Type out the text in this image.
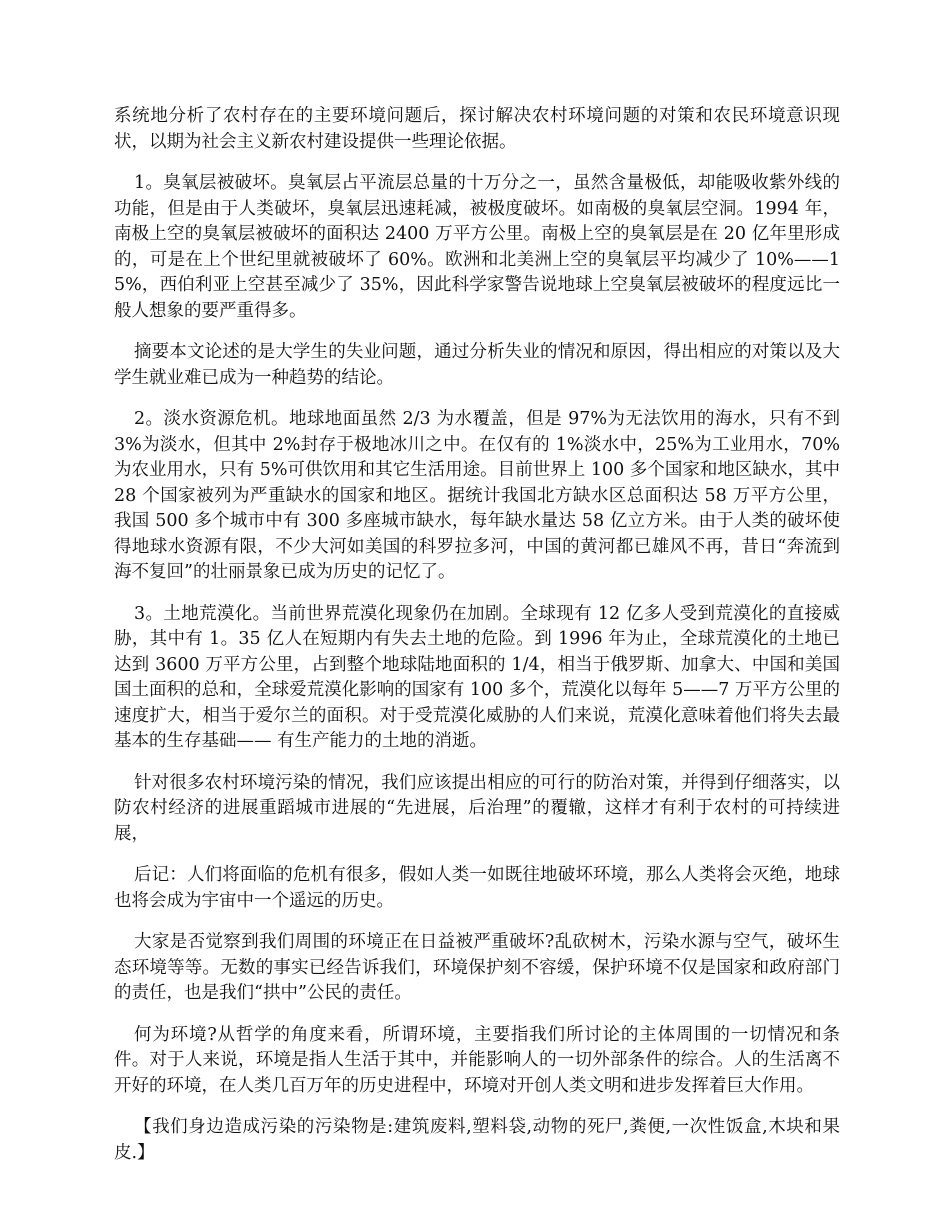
系统地分析了农村存在的主要环境问题后，探讨解决农村环境问题的对策和农民环境意识现状，以期为社会主义新农村建设提供一些理论依据。

1。臭氧层被破坏。臭氧层占平流层总量的十万分之一，虽然含量极低，却能吸收紫外线的功能，但是由于人类破坏，臭氧层迅速耗减，被极度破坏。如南极的臭氧层空洞。1994 年，南极上空的臭氧层被破坏的面积达 2400 万平方公里。南极上空的臭氧层是在 20 亿年里形成的，可是在上个世纪里就被破坏了 60%。欧洲和北美洲上空的臭氧层平均减少了 10%——15%，西伯利亚上空甚至减少了 35%，因此科学家警告说地球上空臭氧层被破坏的程度远比一般人想象的要严重得多。

摘要本文论述的是大学生的失业问题，通过分析失业的情况和原因，得出相应的对策以及大学生就业难已成为一种趋势的结论。

2。淡水资源危机。地球地面虽然 2/3 为水覆盖，但是 97%为无法饮用的海水，只有不到 3%为淡水，但其中 2%封存于极地冰川之中。在仅有的 1%淡水中，25%为工业用水，70%为农业用水，只有 5%可供饮用和其它生活用途。目前世界上 100 多个国家和地区缺水，其中 28 个国家被列为严重缺水的国家和地区。据统计我国北方缺水区总面积达 58 万平方公里，我国 500 多个城市中有 300 多座城市缺水，每年缺水量达 58 亿立方米。由于人类的破坏使得地球水资源有限，不少大河如美国的科罗拉多河，中国的黄河都已雄风不再，昔日“奔流到海不复回”的壮丽景象已成为历史的记忆了。

3。土地荒漠化。当前世界荒漠化现象仍在加剧。全球现有 12 亿多人受到荒漠化的直接威胁，其中有 1。35 亿人在短期内有失去土地的危险。到 1996 年为止，全球荒漠化的土地已达到 3600 万平方公里，占到整个地球陆地面积的 1/4，相当于俄罗斯、加拿大、中国和美国国土面积的总和，全球爱荒漠化影响的国家有 100 多个，荒漠化以每年 5——7 万平方公里的速度扩大，相当于爱尔兰的面积。对于受荒漠化威胁的人们来说，荒漠化意味着他们将失去最基本的生存基础—— 有生产能力的土地的消逝。

针对很多农村环境污染的情况，我们应该提出相应的可行的防治对策，并得到仔细落实，以防农村经济的进展重蹈城市进展的“先进展，后治理”的覆辙，这样才有利于农村的可持续进展，

后记：人们将面临的危机有很多，假如人类一如既往地破坏环境，那么人类将会灭绝，地球也将会成为宇宙中一个遥远的历史。

大家是否觉察到我们周围的环境正在日益被严重破坏?乱砍树木，污染水源与空气，破坏生态环境等等。无数的事实已经告诉我们，环境保护刻不容缓，保护环境不仅是国家和政府部门的责任，也是我们“拱中”公民的责任。

何为环境?从哲学的角度来看，所谓环境，主要指我们所讨论的主体周围的一切情况和条件。对于人来说，环境是指人生活于其中，并能影响人的一切外部条件的综合。人的生活离不开好的环境，在人类几百万年的历史进程中，环境对开创人类文明和进步发挥着巨大作用。

【我们身边造成污染的污染物是:建筑废料,塑料袋,动物的死尸,粪便,一次性饭盒,木块和果皮.】
